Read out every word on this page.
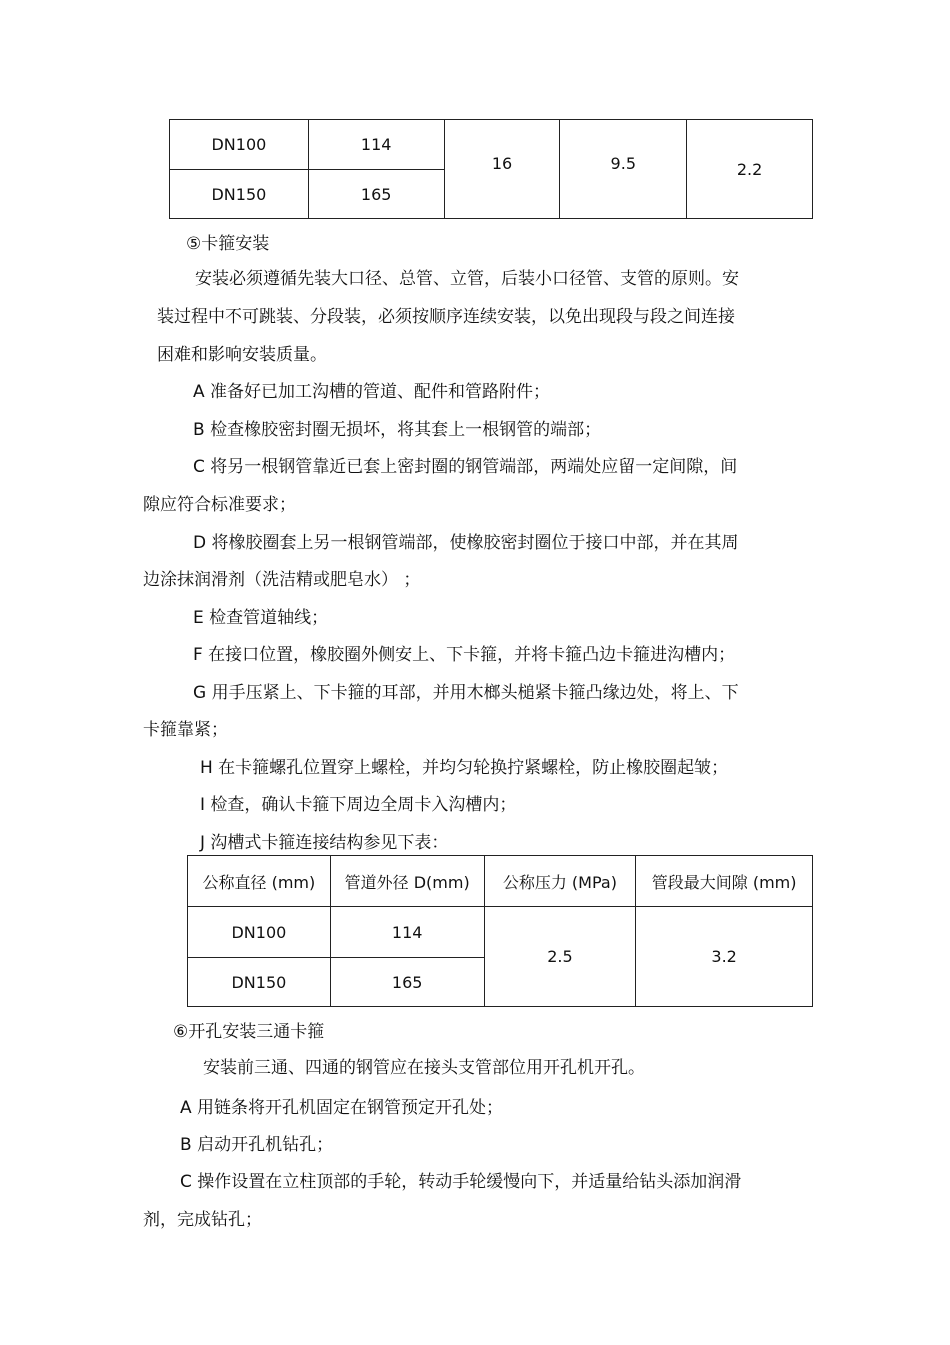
DN100	114	16	9.5	2.2
DN150	165			
⑤卡箍安装
安装必须遵循先装大口径、总管、立管，后装小口径管、支管的原则。安
装过程中不可跳装、分段装，必须按顺序连续安装，以免出现段与段之间连接
困难和影响安装质量。
A 准备好已加工沟槽的管道、配件和管路附件；
B 检查橡胶密封圈无损坏，将其套上一根钢管的端部；
C 将另一根钢管靠近已套上密封圈的钢管端部，两端处应留一定间隙，间
隙应符合标准要求；
D 将橡胶圈套上另一根钢管端部，使橡胶密封圈位于接口中部，并在其周
边涂抹润滑剂（洗洁精或肥皂水） ；
E 检查管道轴线；
F 在接口位置，橡胶圈外侧安上、下卡箍，并将卡箍凸边卡箍进沟槽内；
G 用手压紧上、下卡箍的耳部，并用木榔头槌紧卡箍凸缘边处，将上、下
卡箍靠紧；
H 在卡箍螺孔位置穿上螺栓，并均匀轮换拧紧螺栓，防止橡胶圈起皱；
I 检查，确认卡箍下周边全周卡入沟槽内；
J 沟槽式卡箍连接结构参见下表：
公称直径 (mm)	管道外径 D(mm)	公称压力 (MPa)	管段最大间隙 (mm)
DN100	114	2.5	3.2
DN150	165		
⑥开孔安装三通卡箍
安装前三通、四通的钢管应在接头支管部位用开孔机开孔。
A 用链条将开孔机固定在钢管预定开孔处；
B 启动开孔机钻孔；
C 操作设置在立柱顶部的手轮，转动手轮缓慢向下，并适量给钻头添加润滑
剂，完成钻孔；
